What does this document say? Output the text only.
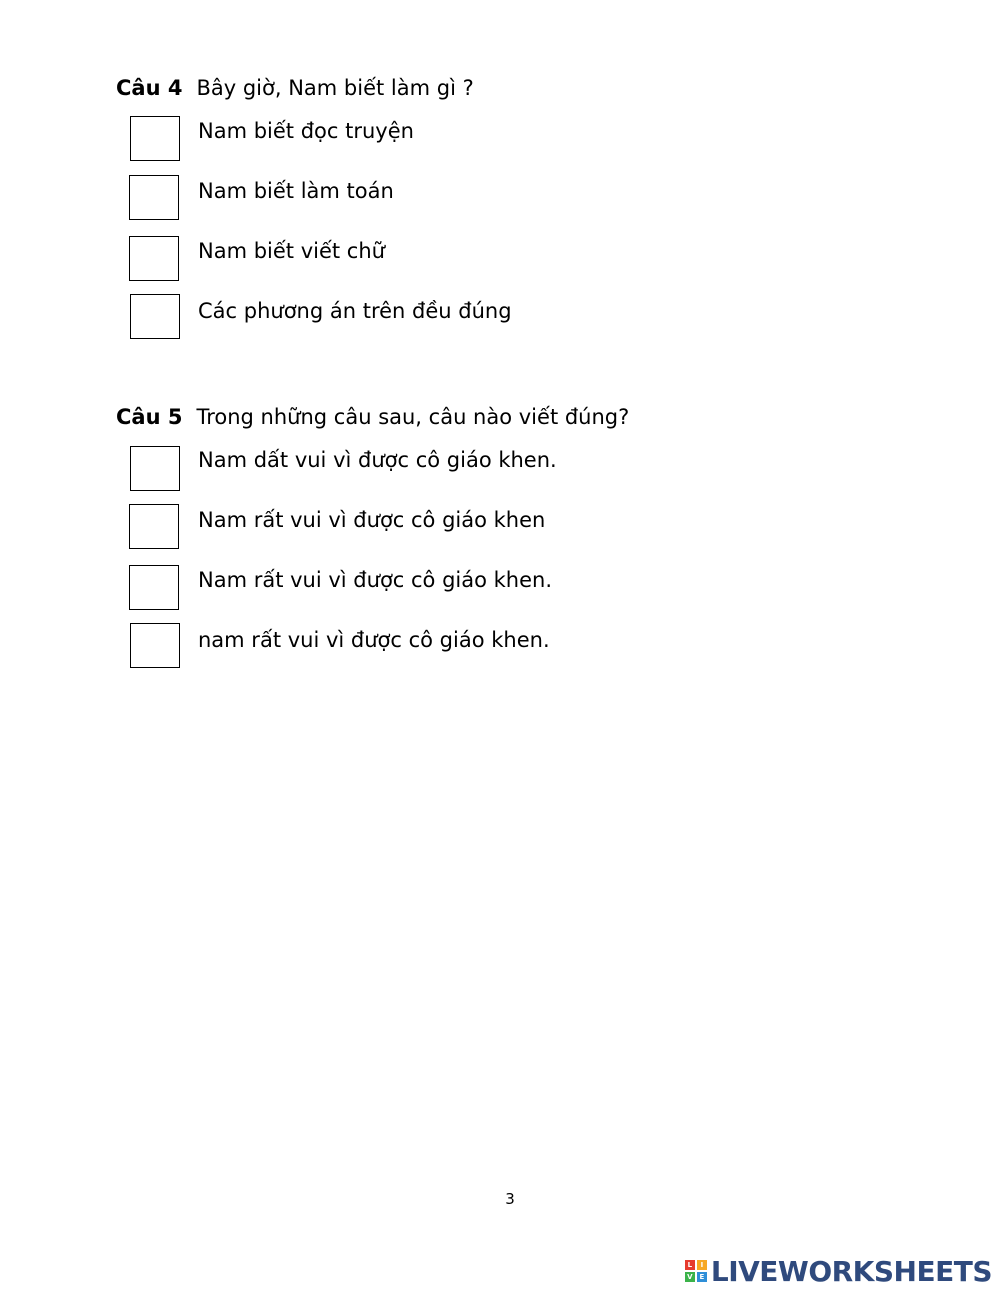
Câu 4 Bây giờ, Nam biết làm gì ?
Nam biết đọc truyện
Nam biết làm toán
Nam biết viết chữ
Các phương án trên đều đúng
Câu 5 Trong những câu sau, câu nào viết đúng?
Nam dất vui vì được cô giáo khen.
Nam rất vui vì được cô giáo khen
Nam rất vui vì được cô giáo khen.
nam rất vui vì được cô giáo khen.
3
L	I
V E LIVEWORKSHEETS
